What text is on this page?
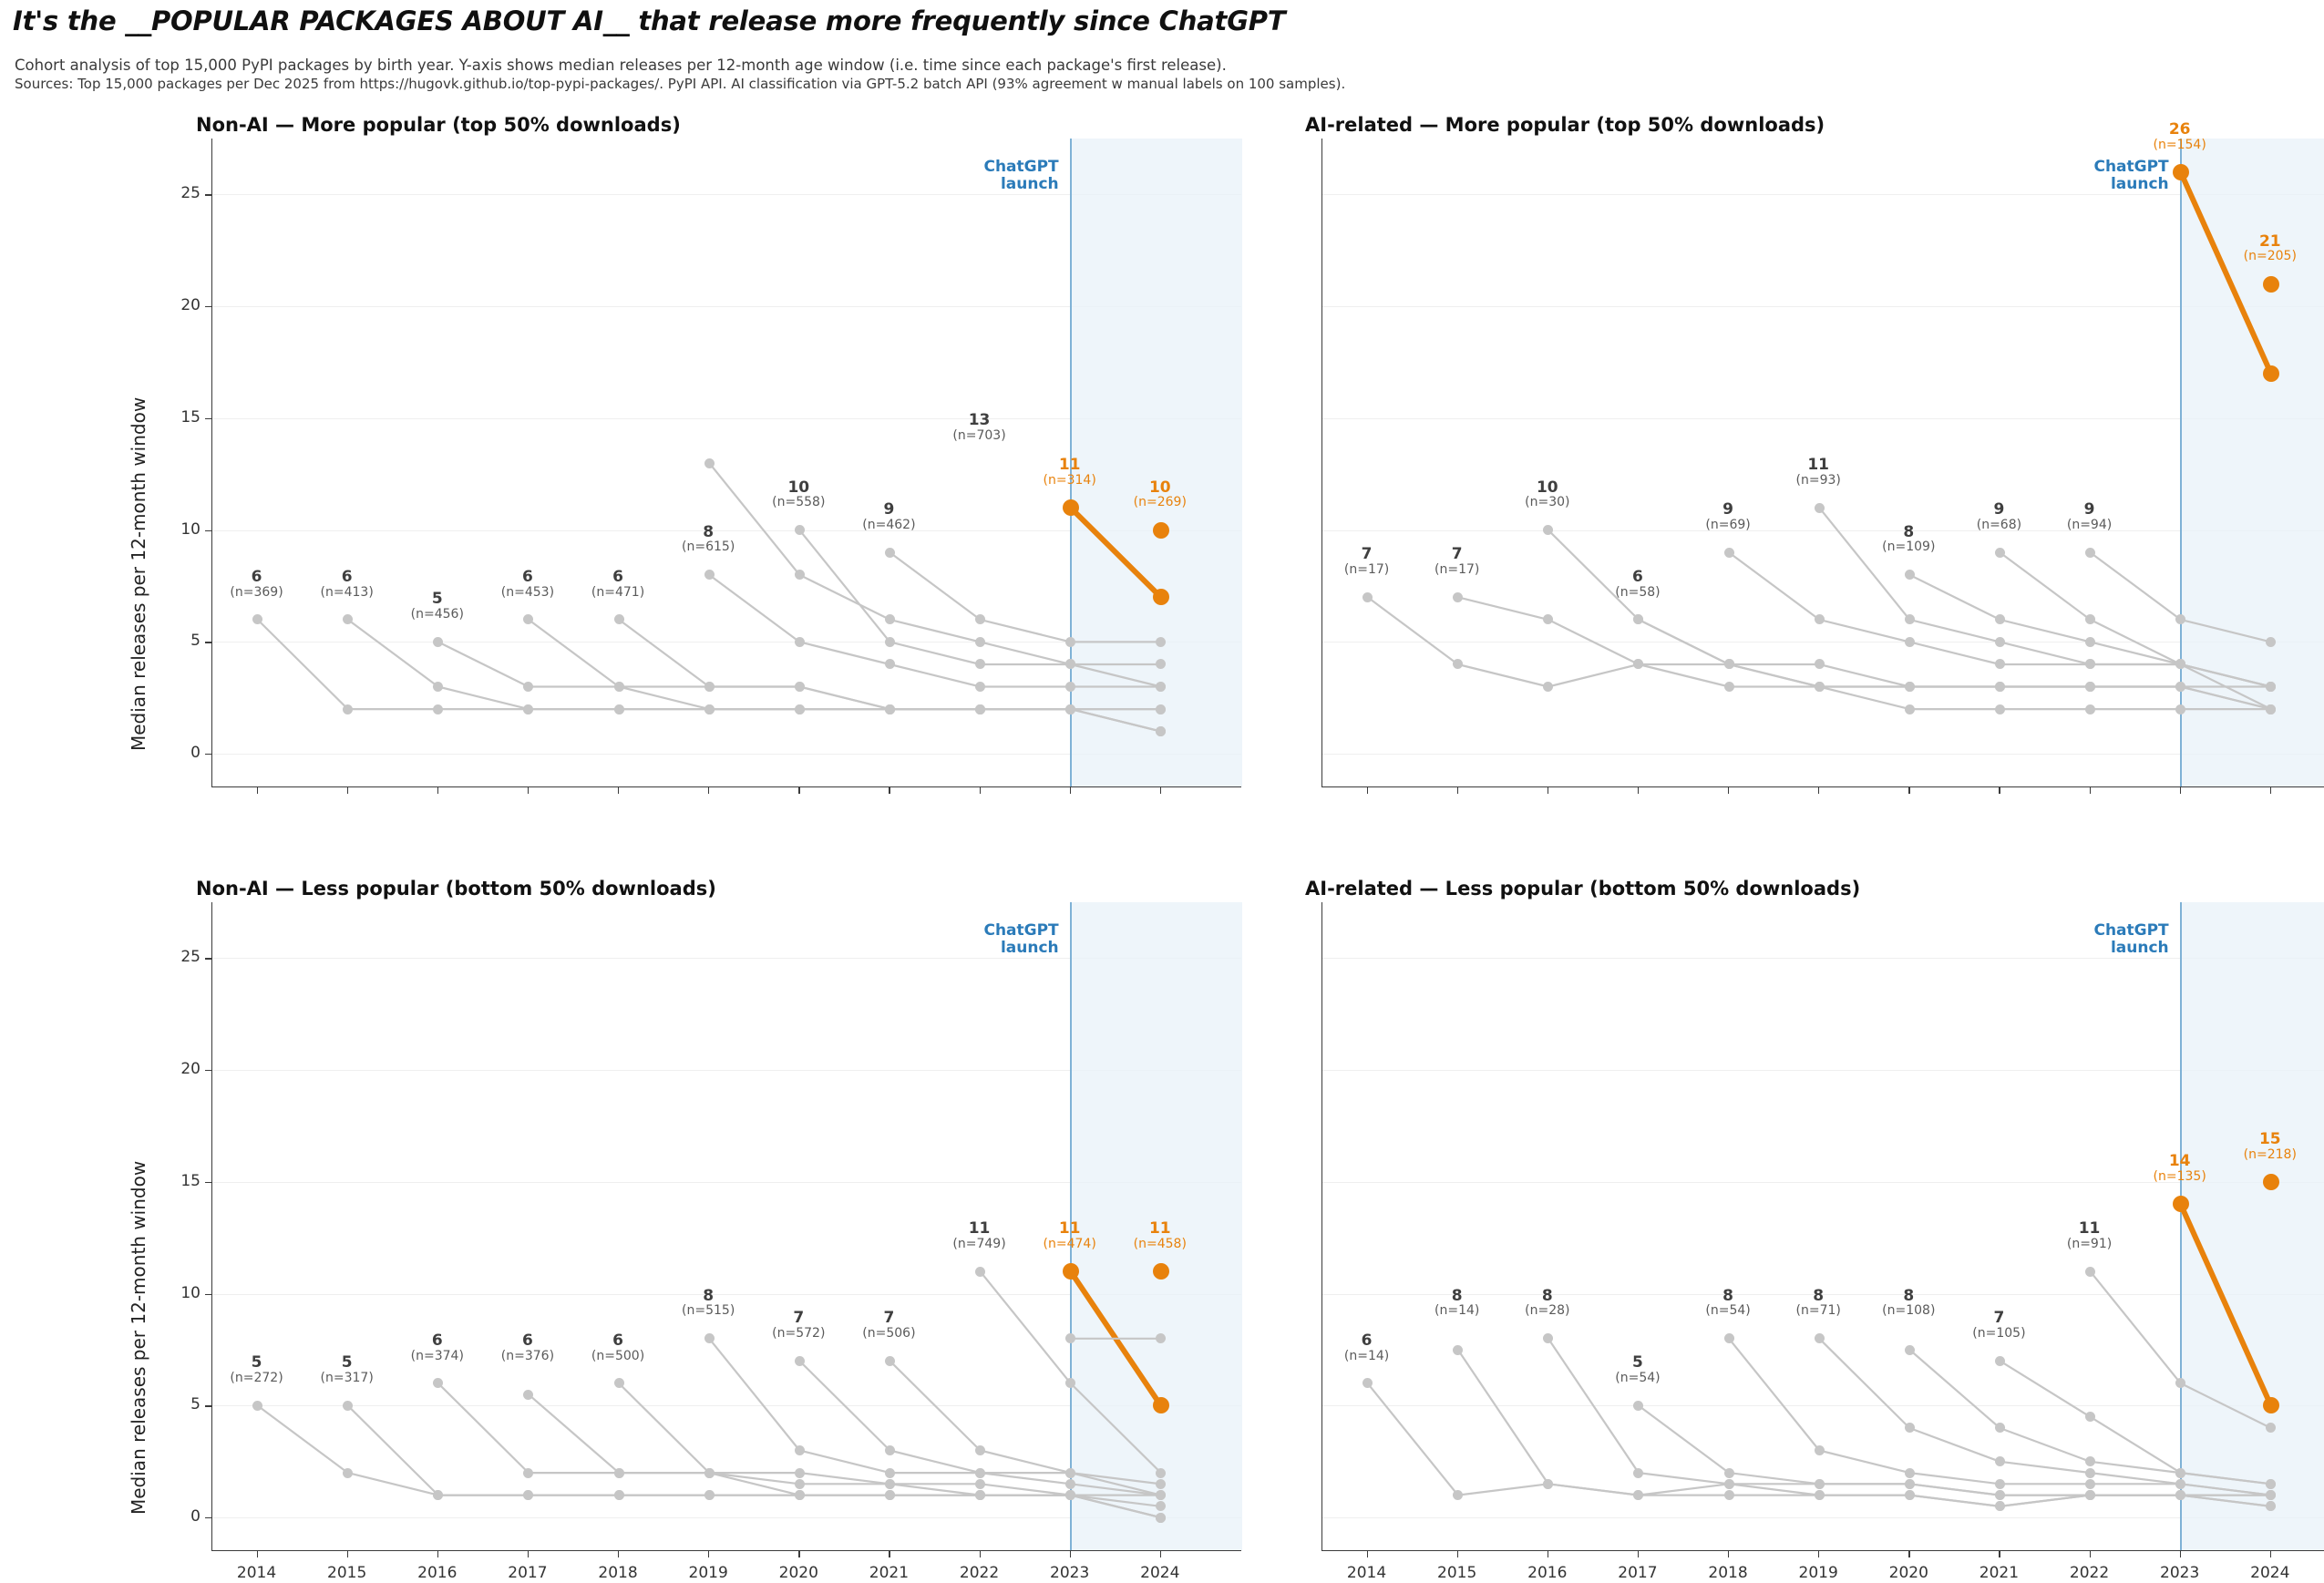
It's the __POPULAR PACKAGES ABOUT AI__ that release more frequently since ChatGPT
Cohort analysis of top 15,000 PyPI packages by birth year. Y-axis shows median releases per 12-month age window (i.e. time since each package's first release).
Sources: Top 15,000 packages per Dec 2025 from https://hugovk.github.io/top-pypi-packages/. PyPI API. AI classification via GPT-5.2 batch API (93% agreement w manual labels on 100 samples).
Non-AI — More popular (top 50% downloads)
ChatGPT
launch
0
5
10
15
20
25
Median releases per 12-month window	6
(n=369)
6
(n=413)	5
(n=456)
6
(n=453)
6
(n=471)
8
(n=615)
10
(n=558)	9
(n=462)
13
(n=703)
11
(n=314)	10
(n=269)
AI-related — More popular (top 50% downloads)
ChatGPT
launch
7
(n=17)
7
(n=17)
10
(n=30)
6
(n=58)
9
(n=69)
11
(n=93)
8
(n=109)
9
(n=68)
9
(n=94)
26
(n=154)
21
(n=205)
Non-AI — Less popular (bottom 50% downloads)
ChatGPT
launch
0
5
10
15
20
25
Median releases per 12-month window
2014	2015	2016	2017	2018	2019	2020	2021	2022	2023	2024
5
(n=272)
5
(n=317)
6
(n=374)
6
(n=376)
6
(n=500)
8
(n=515)	7
(n=572)
7
(n=506)
11
(n=749)
11
(n=474)
11
(n=458)
AI-related — Less popular (bottom 50% downloads)
ChatGPT
launch
2014	2015	2016	2017	2018	2019	2020	2021	2022	2023	2024
6
(n=14)
8
(n=14)
8
(n=28)
5
(n=54)
8
(n=54)
8
(n=71)
8
(n=108)	7
(n=105)
11
(n=91)
14
(n=135)
15
(n=218)
